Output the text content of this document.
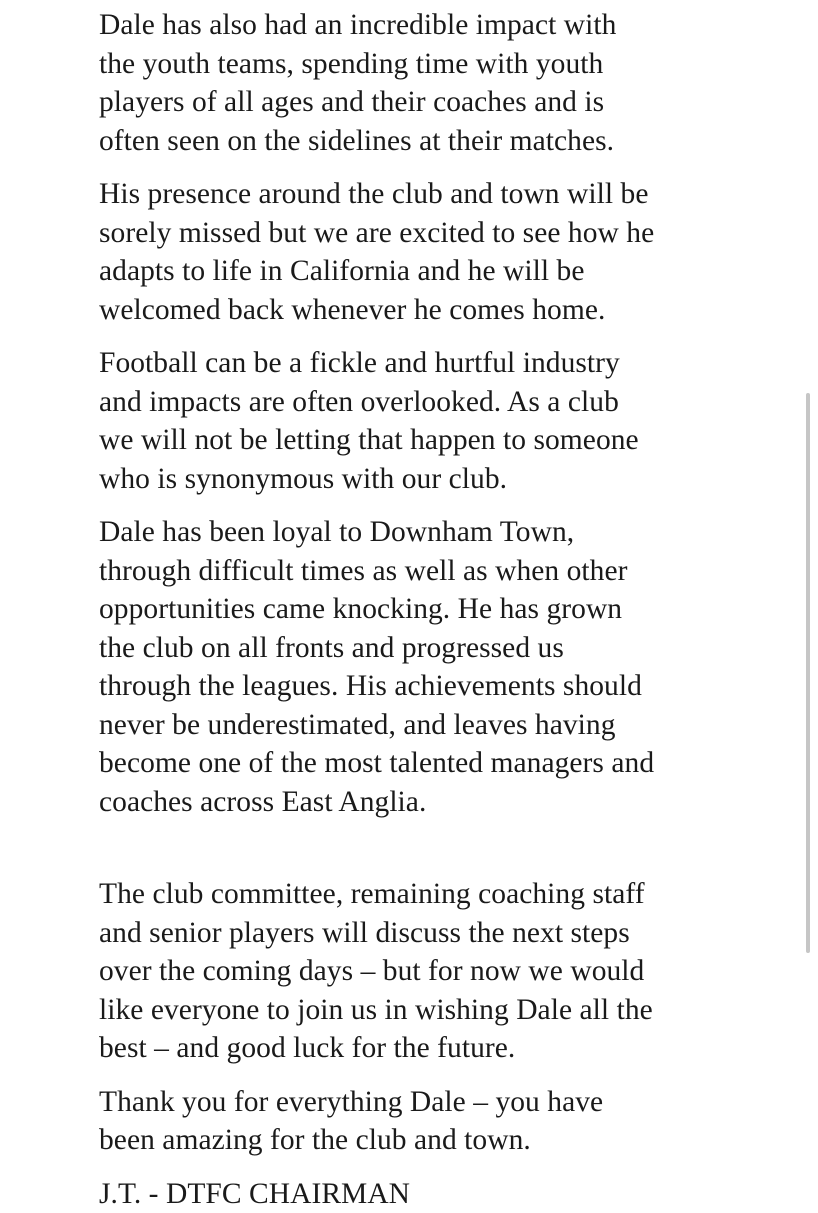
Dale has also had an incredible impact with
the youth teams, spending time with youth
players of all ages and their coaches and is
often seen on the sidelines at their matches.

His presence around the club and town will be
sorely missed but we are excited to see how he
adapts to life in California and he will be
welcomed back whenever he comes home.

Football can be a fickle and hurtful industry
and impacts are often overlooked. As a club
we will not be letting that happen to someone
who is synonymous with our club.

Dale has been loyal to Downham Town,
through difficult times as well as when other
opportunities came knocking. He has grown
the club on all fronts and progressed us
through the leagues. His achievements should
never be underestimated, and leaves having
become one of the most talented managers and
coaches across East Anglia.

The club committee, remaining coaching staff
and senior players will discuss the next steps
over the coming days – but for now we would
like everyone to join us in wishing Dale all the
best – and good luck for the future.

Thank you for everything Dale – you have
been amazing for the club and town.

J.T. - DTFC CHAIRMAN
